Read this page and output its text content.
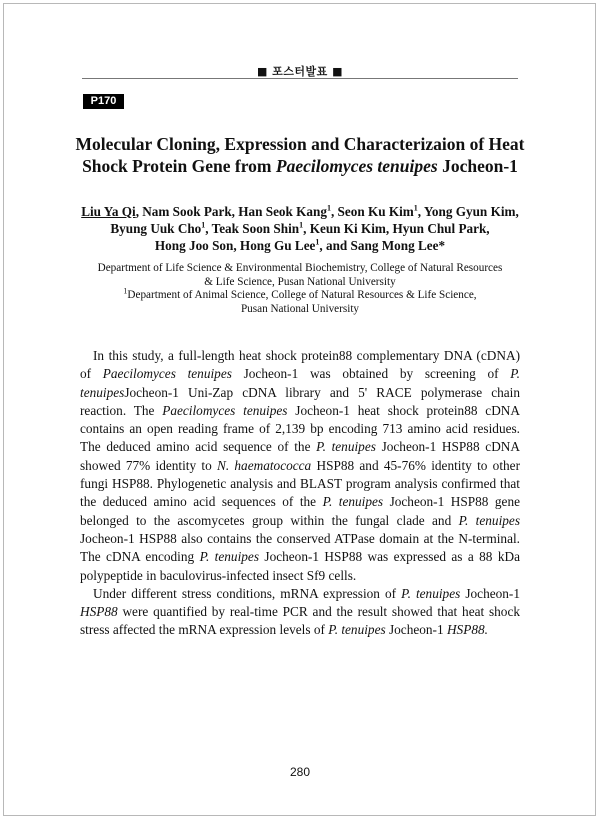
■ 포스터발표 ■
P170
Molecular Cloning, Expression and Characterizaion of Heat
Shock Protein Gene from Paecilomyces tenuipes Jocheon-1
Liu Ya Qi, Nam Sook Park, Han Seok Kang$^1$, Seon Ku Kim$^1$, Yong Gyun Kim,
Byung Uuk Cho$^1$, Teak Soon Shin$^1$, Keun Ki Kim, Hyun Chul Park,
Hong Joo Son, Hong Gu Lee$^1$, and Sang Mong Lee*
Department of Life Science & Environmental Biochemistry, College of Natural Resources
& Life Science, Pusan National University
$^1$Department of Animal Science, College of Natural Resources & Life Science,
Pusan National University

In this study, a full-length heat shock protein88 complementary DNA (cDNA) of Paecilomyces tenuipes Jocheon-1 was obtained by screening of P. tenuipesJocheon-1 Uni-Zap cDNA library and 5' RACE polymerase chain reaction. The Paecilomyces tenuipes Jocheon-1 heat shock protein88 cDNA contains an open reading frame of 2,139 bp encoding 713 amino acid residues. The deduced amino acid sequence of the P. tenuipes Jocheon-1 HSP88 cDNA showed 77% identity to N. haematococca HSP88 and 45-76% identity to other fungi HSP88. Phylogenetic analysis and BLAST program analysis confirmed that the deduced amino acid sequences of the P. tenuipes Jocheon-1 HSP88 gene belonged to the ascomycetes group within the fungal clade and P. tenuipes Jocheon-1 HSP88 also contains the conserved ATPase domain at the N-terminal. The cDNA encoding P. tenuipes Jocheon-1 HSP88 was expressed as a 88 kDa polypeptide in baculovirus-infected insect Sf9 cells.

Under different stress conditions, mRNA expression of P. tenuipes Jocheon-1 HSP88 were quantified by real-time PCR and the result showed that heat shock stress affected the mRNA expression levels of P. tenuipes Jocheon-1 HSP88.

280
